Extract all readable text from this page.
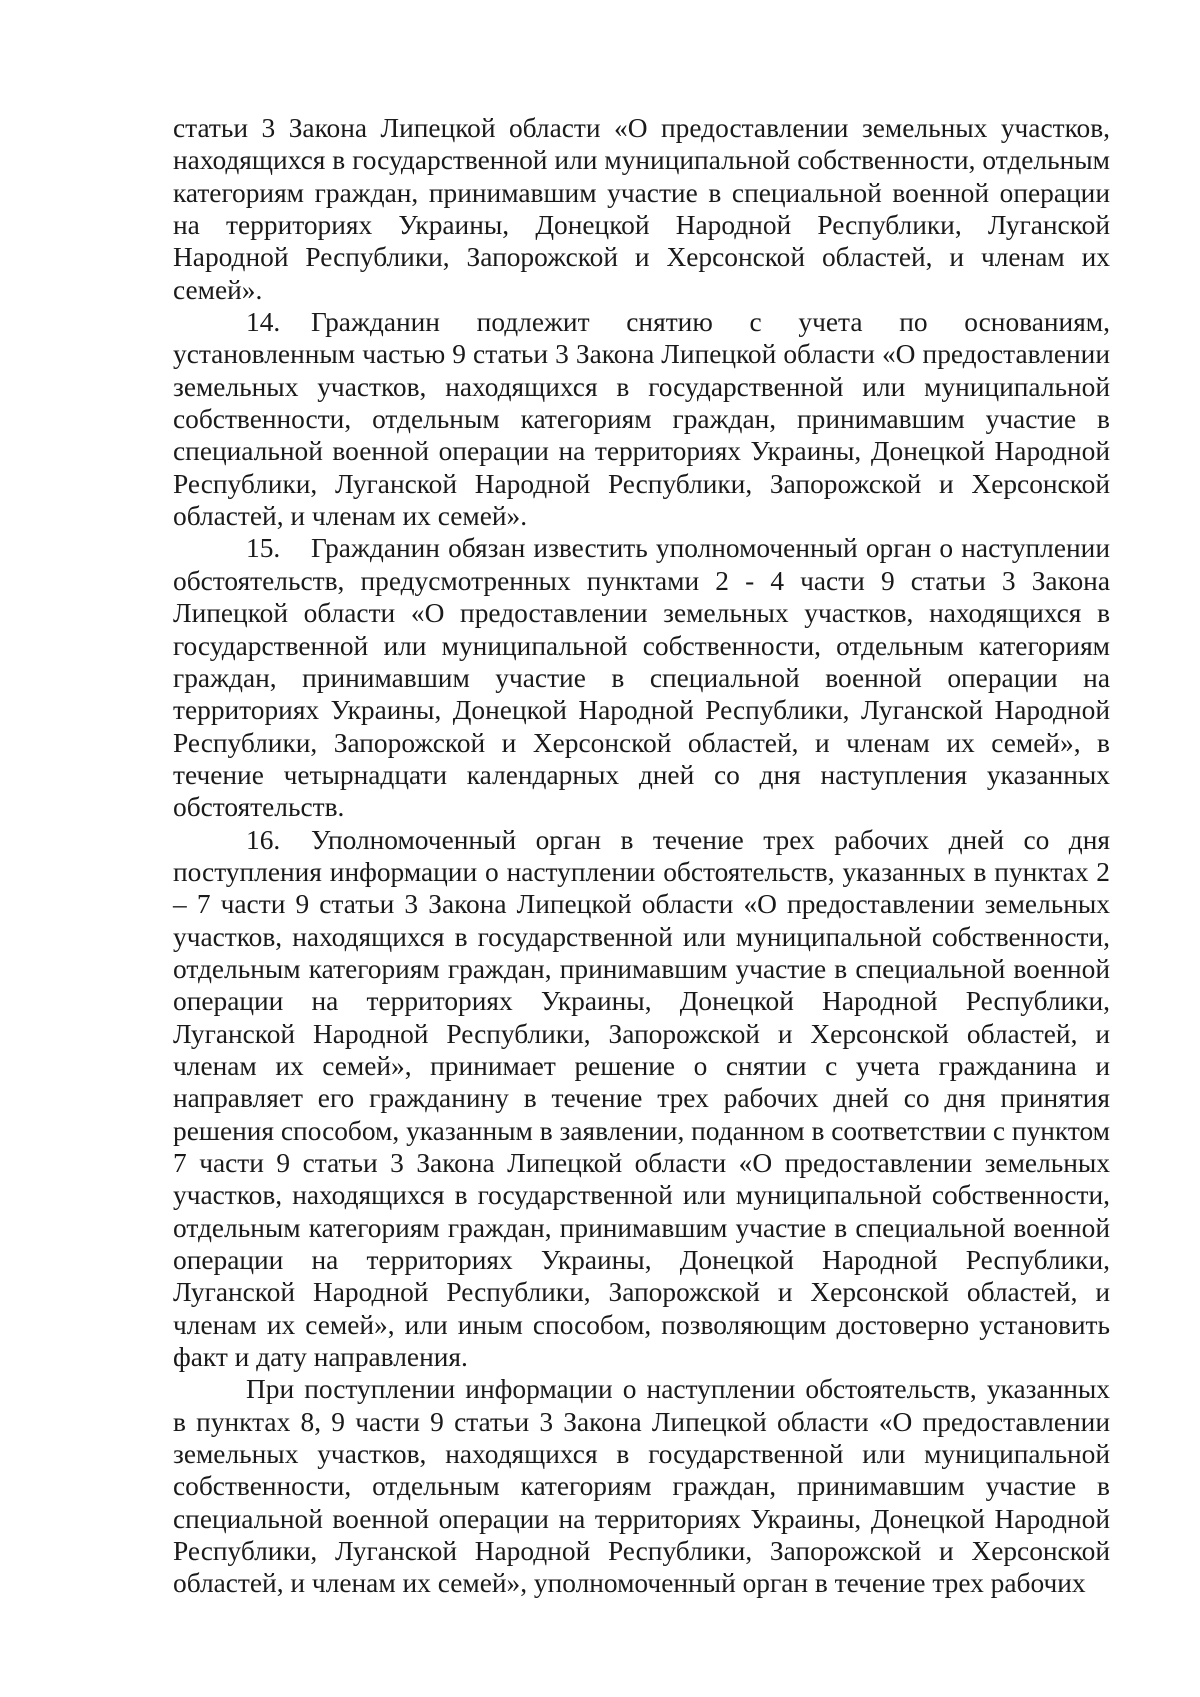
статьи 3 Закона Липецкой области «О предоставлении земельных участков, находящихся в государственной или муниципальной собственности, отдельным категориям граждан, принимавшим участие в специальной военной операции на территориях Украины, Донецкой Народной Республики, Луганской Народной Республики, Запорожской и Херсонской областей, и членам их семей».

14. Гражданин подлежит снятию с учета по основаниям, установленным частью 9 статьи 3 Закона Липецкой области «О предоставлении земельных участков, находящихся в государственной или муниципальной собственности, отдельным категориям граждан, принимавшим участие в специальной военной операции на территориях Украины, Донецкой Народной Республики, Луганской Народной Республики, Запорожской и Херсонской областей, и членам их семей».

15. Гражданин обязан известить уполномоченный орган о наступлении обстоятельств, предусмотренных пунктами 2 - 4 части 9 статьи 3 Закона Липецкой области «О предоставлении земельных участков, находящихся в государственной или муниципальной собственности, отдельным категориям граждан, принимавшим участие в специальной военной операции на территориях Украины, Донецкой Народной Республики, Луганской Народной Республики, Запорожской и Херсонской областей, и членам их семей», в течение четырнадцати календарных дней со дня наступления указанных обстоятельств.

16. Уполномоченный орган в течение трех рабочих дней со дня поступления информации о наступлении обстоятельств, указанных в пунктах 2 – 7 части 9 статьи 3 Закона Липецкой области «О предоставлении земельных участков, находящихся в государственной или муниципальной собственности, отдельным категориям граждан, принимавшим участие в специальной военной операции на территориях Украины, Донецкой Народной Республики, Луганской Народной Республики, Запорожской и Херсонской областей, и членам их семей», принимает решение о снятии с учета гражданина и направляет его гражданину в течение трех рабочих дней со дня принятия решения способом, указанным в заявлении, поданном в соответствии с пунктом 7 части 9 статьи 3 Закона Липецкой области «О предоставлении земельных участков, находящихся в государственной или муниципальной собственности, отдельным категориям граждан, принимавшим участие в специальной военной операции на территориях Украины, Донецкой Народной Республики, Луганской Народной Республики, Запорожской и Херсонской областей, и членам их семей», или иным способом, позволяющим достоверно установить факт и дату направления.

При поступлении информации о наступлении обстоятельств, указанных в пунктах 8, 9 части 9 статьи 3 Закона Липецкой области «О предоставлении земельных участков, находящихся в государственной или муниципальной собственности, отдельным категориям граждан, принимавшим участие в специальной военной операции на территориях Украины, Донецкой Народной Республики, Луганской Народной Республики, Запорожской и Херсонской областей, и членам их семей», уполномоченный орган в течение трех рабочих
